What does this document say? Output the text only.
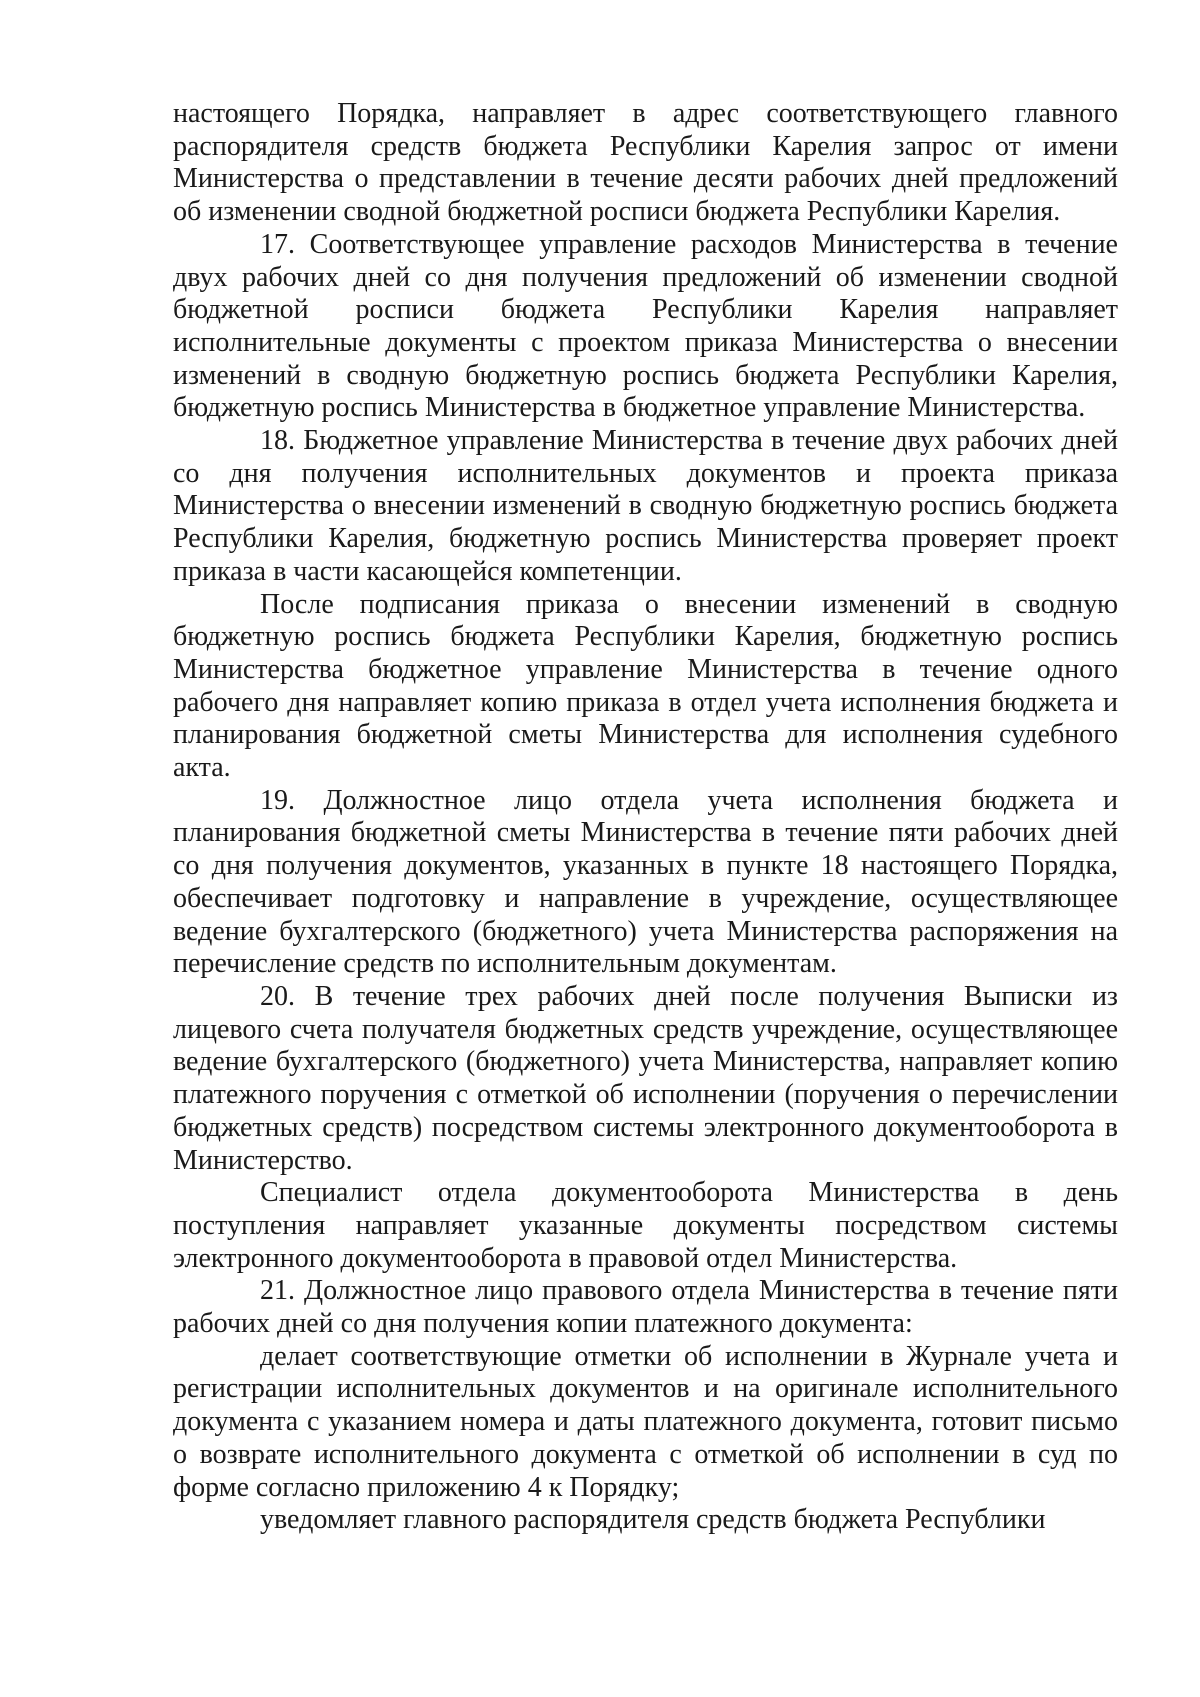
настоящего Порядка, направляет в адрес соответствующего главного распорядителя средств бюджета Республики Карелия запрос от имени Министерства о представлении в течение десяти рабочих дней предложений об изменении сводной бюджетной росписи бюджета Республики Карелия.

17. Соответствующее управление расходов Министерства в течение двух рабочих дней со дня получения предложений об изменении сводной бюджетной росписи бюджета Республики Карелия направляет исполнительные документы с проектом приказа Министерства о внесении изменений в сводную бюджетную роспись бюджета Республики Карелия, бюджетную роспись Министерства в бюджетное управление Министерства.

18. Бюджетное управление Министерства в течение двух рабочих дней со дня получения исполнительных документов и проекта приказа Министерства о внесении изменений в сводную бюджетную роспись бюджета Республики Карелия, бюджетную роспись Министерства проверяет проект приказа в части касающейся компетенции.

После подписания приказа о внесении изменений в сводную бюджетную роспись бюджета Республики Карелия, бюджетную роспись Министерства бюджетное управление Министерства в течение одного рабочего дня направляет копию приказа в отдел учета исполнения бюджета и планирования бюджетной сметы Министерства для исполнения судебного акта.

19. Должностное лицо отдела учета исполнения бюджета и планирования бюджетной сметы Министерства в течение пяти рабочих дней со дня получения документов, указанных в пункте 18 настоящего Порядка, обеспечивает подготовку и направление в учреждение, осуществляющее ведение бухгалтерского (бюджетного) учета Министерства распоряжения на перечисление средств по исполнительным документам.

20. В течение трех рабочих дней после получения Выписки из лицевого счета получателя бюджетных средств учреждение, осуществляющее ведение бухгалтерского (бюджетного) учета Министерства, направляет копию платежного поручения с отметкой об исполнении (поручения о перечислении бюджетных средств) посредством системы электронного документооборота в Министерство.

Специалист отдела документооборота Министерства в день поступления направляет указанные документы посредством системы электронного документооборота в правовой отдел Министерства.

21. Должностное лицо правового отдела Министерства в течение пяти рабочих дней со дня получения копии платежного документа:

делает соответствующие отметки об исполнении в Журнале учета и регистрации исполнительных документов и на оригинале исполнительного документа с указанием номера и даты платежного документа, готовит письмо о возврате исполнительного документа с отметкой об исполнении в суд по форме согласно приложению 4 к Порядку;

уведомляет главного распорядителя средств бюджета Республики
